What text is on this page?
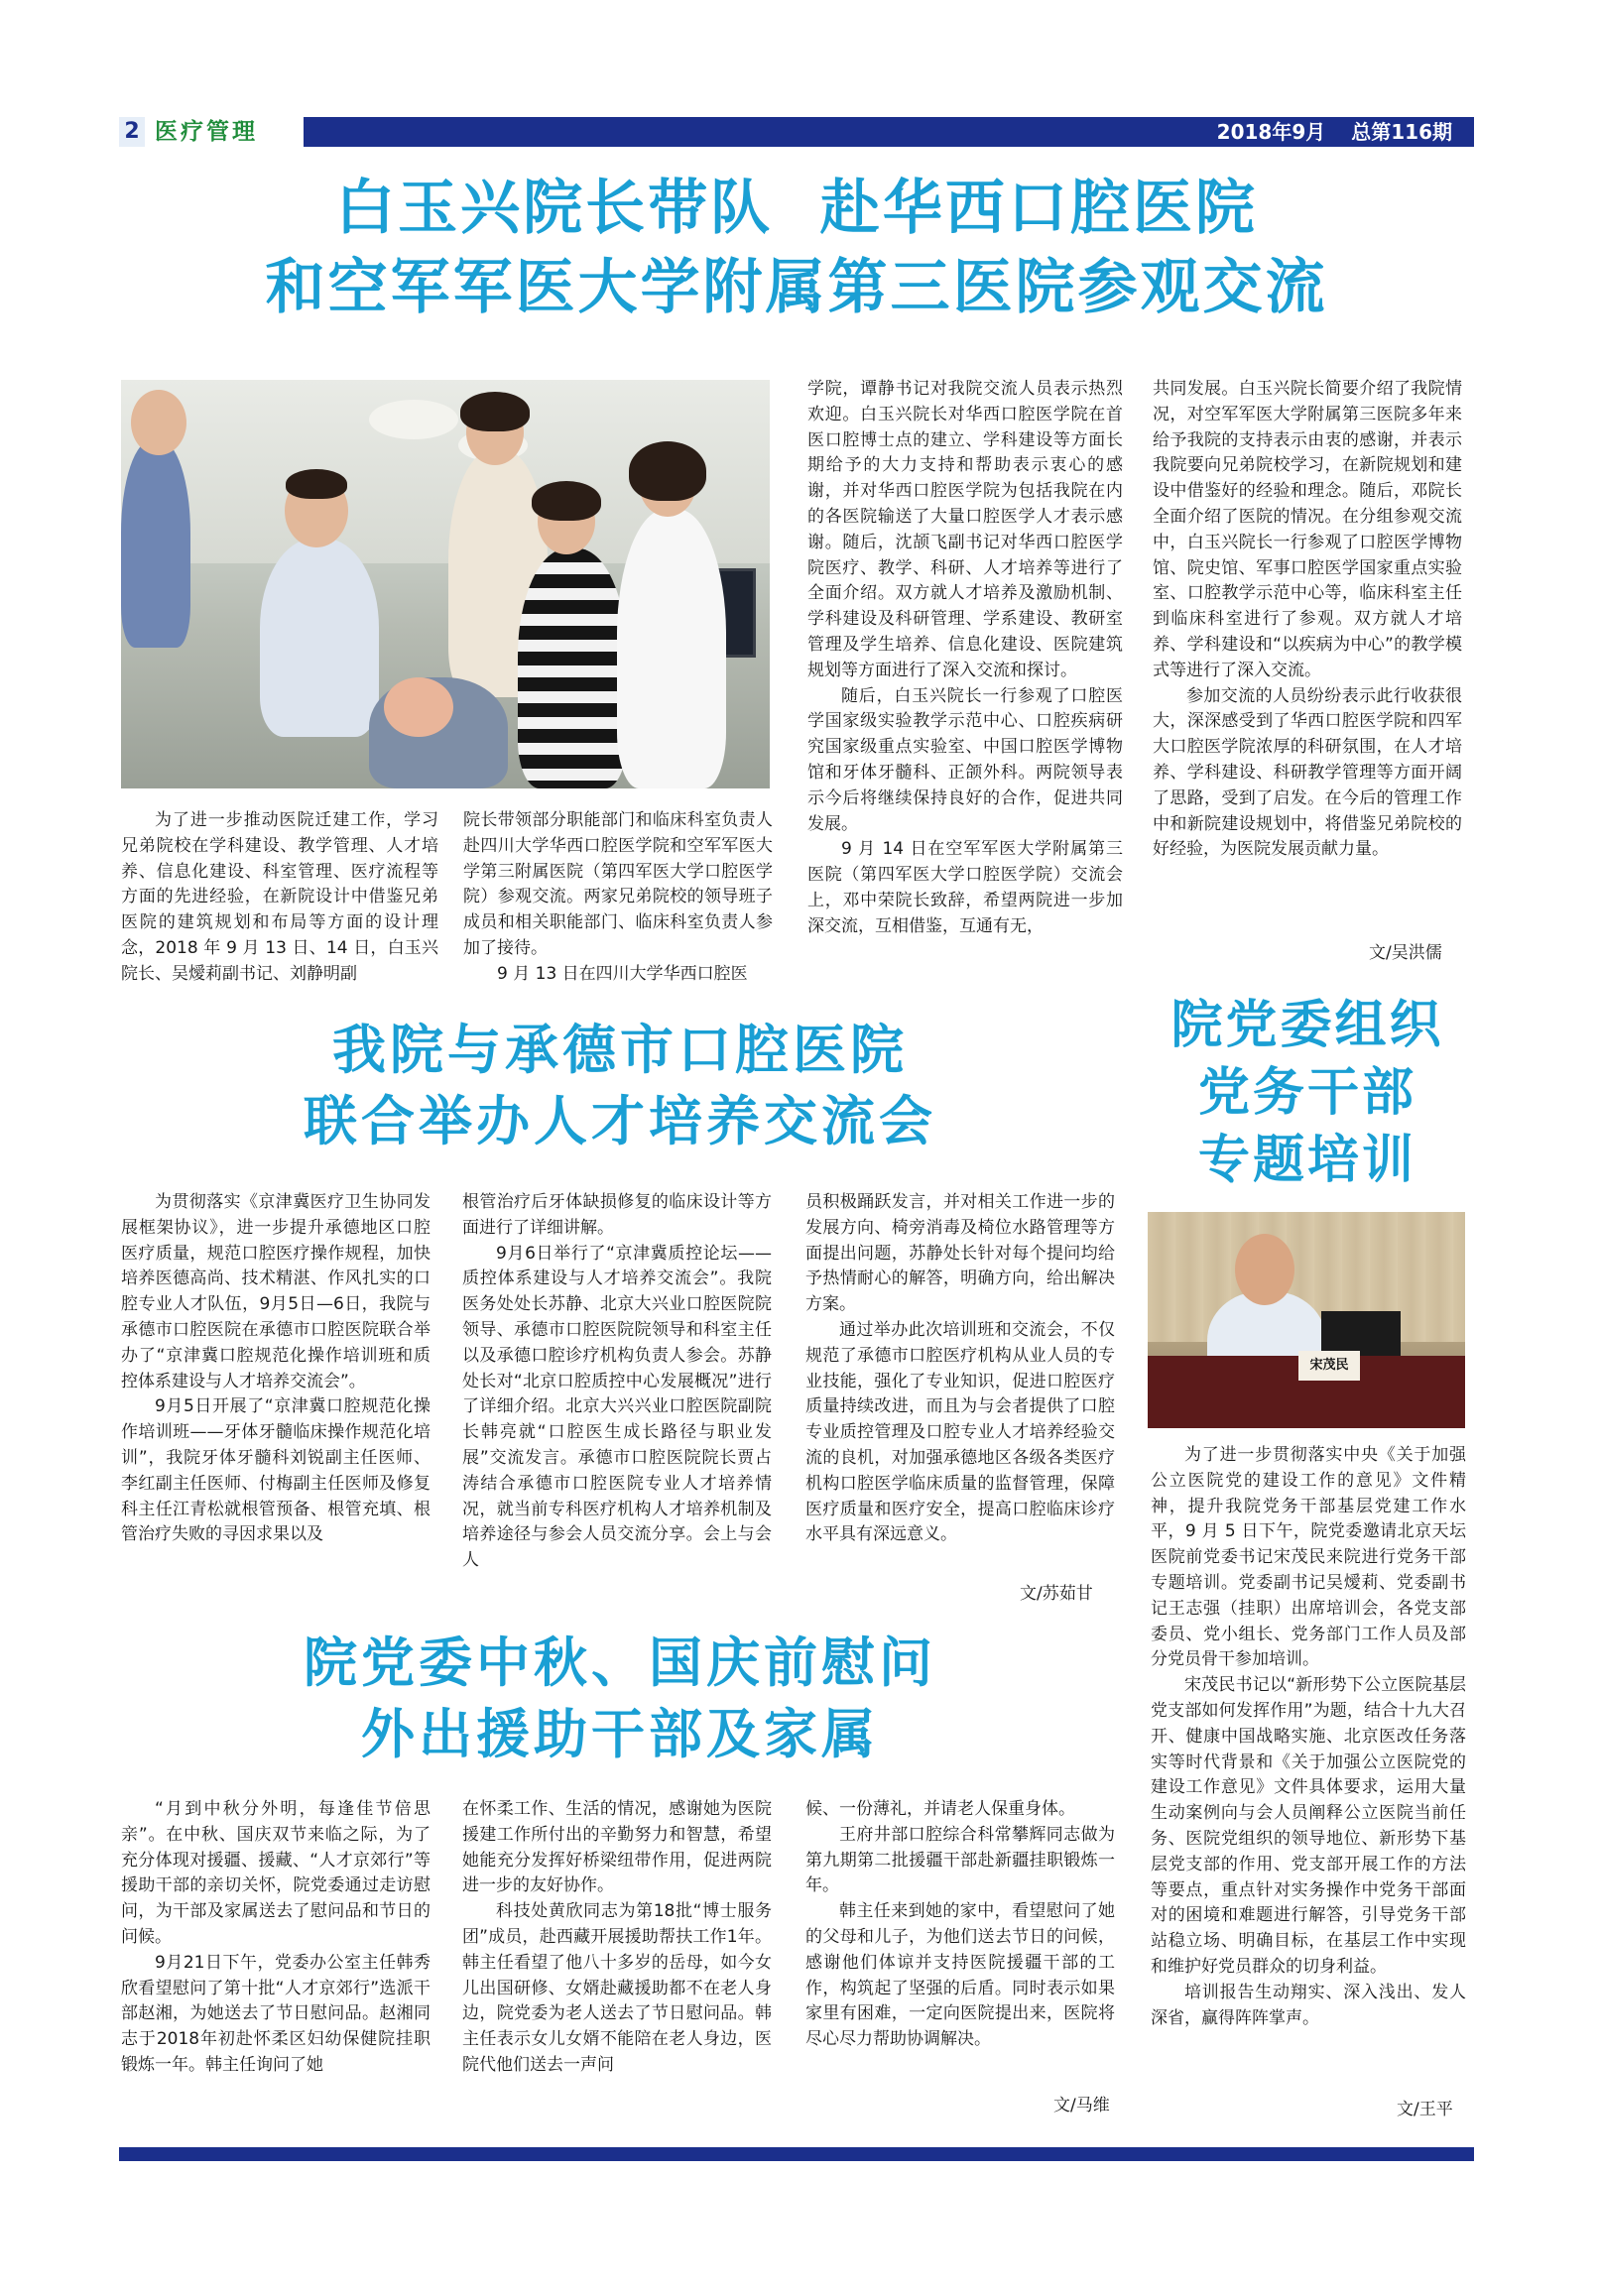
2 医疗管理	2018年9月 总第116期
白玉兴院长带队  赴华西口腔医院
和空军军医大学附属第三医院参观交流

为了进一步推动医院迁建工作，学习兄弟院校在学科建设、教学管理、人才培养、信息化建设、科室管理、医疗流程等方面的先进经验，在新院设计中借鉴兄弟医院的建筑规划和布局等方面的设计理念，2018 年 9 月 13 日、14 日，白玉兴院长、吴燰莉副书记、刘静明副

院长带领部分职能部门和临床科室负责人赴四川大学华西口腔医学院和空军军医大学第三附属医院（第四军医大学口腔医学院）参观交流。两家兄弟院校的领导班子成员和相关职能部门、临床科室负责人参加了接待。

9 月 13 日在四川大学华西口腔医

学院，谭静书记对我院交流人员表示热烈欢迎。白玉兴院长对华西口腔医学院在首医口腔博士点的建立、学科建设等方面长期给予的大力支持和帮助表示衷心的感谢，并对华西口腔医学院为包括我院在内的各医院输送了大量口腔医学人才表示感谢。随后，沈颉飞副书记对华西口腔医学院医疗、教学、科研、人才培养等进行了全面介绍。双方就人才培养及激励机制、学科建设及科研管理、学系建设、教研室管理及学生培养、信息化建设、医院建筑规划等方面进行了深入交流和探讨。

随后，白玉兴院长一行参观了口腔医学国家级实验教学示范中心、口腔疾病研究国家级重点实验室、中国口腔医学博物馆和牙体牙髓科、正颌外科。两院领导表示今后将继续保持良好的合作，促进共同发展。

9 月 14 日在空军军医大学附属第三医院（第四军医大学口腔医学院）交流会上，邓中荣院长致辞，希望两院进一步加深交流，互相借鉴，互通有无，

共同发展。白玉兴院长简要介绍了我院情况，对空军军医大学附属第三医院多年来给予我院的支持表示由衷的感谢，并表示我院要向兄弟院校学习，在新院规划和建设中借鉴好的经验和理念。随后，邓院长全面介绍了医院的情况。在分组参观交流中，白玉兴院长一行参观了口腔医学博物馆、院史馆、军事口腔医学国家重点实验室、口腔教学示范中心等，临床科室主任到临床科室进行了参观。双方就人才培养、学科建设和“以疾病为中心”的教学模式等进行了深入交流。

参加交流的人员纷纷表示此行收获很大，深深感受到了华西口腔医学院和四军大口腔医学院浓厚的科研氛围，在人才培养、学科建设、科研教学管理等方面开阔了思路，受到了启发。在今后的管理工作中和新院建设规划中，将借鉴兄弟院校的好经验，为医院发展贡献力量。

文/吴洪儒
我院与承德市口腔医院
联合举办人才培养交流会

为贯彻落实《京津冀医疗卫生协同发展框架协议》，进一步提升承德地区口腔医疗质量，规范口腔医疗操作规程，加快培养医德高尚、技术精湛、作风扎实的口腔专业人才队伍，9月5日—6日，我院与承德市口腔医院在承德市口腔医院联合举办了“京津冀口腔规范化操作培训班和质控体系建设与人才培养交流会”。

9月5日开展了“京津冀口腔规范化操作培训班——牙体牙髓临床操作规范化培训”，我院牙体牙髓科刘锐副主任医师、李红副主任医师、付梅副主任医师及修复科主任江青松就根管预备、根管充填、根管治疗失败的寻因求果以及

根管治疗后牙体缺损修复的临床设计等方面进行了详细讲解。

9月6日举行了“京津冀质控论坛——质控体系建设与人才培养交流会”。我院医务处处长苏静、北京大兴业口腔医院院领导、承德市口腔医院院领导和科室主任以及承德口腔诊疗机构负责人参会。苏静处长对“北京口腔质控中心发展概况”进行了详细介绍。北京大兴兴业口腔医院副院长韩亮就“口腔医生成长路径与职业发展”交流发言。承德市口腔医院院长贾占涛结合承德市口腔医院专业人才培养情况，就当前专科医疗机构人才培养机制及培养途径与参会人员交流分享。会上与会人

员积极踊跃发言，并对相关工作进一步的发展方向、椅旁消毒及椅位水路管理等方面提出问题，苏静处长针对每个提问均给予热情耐心的解答，明确方向，给出解决方案。

通过举办此次培训班和交流会，不仅规范了承德市口腔医疗机构从业人员的专业技能，强化了专业知识，促进口腔医疗质量持续改进，而且为与会者提供了口腔专业质控管理及口腔专业人才培养经验交流的良机，对加强承德地区各级各类医疗机构口腔医学临床质量的监督管理，保障医疗质量和医疗安全，提高口腔临床诊疗水平具有深远意义。

文/苏茹甘
院党委中秋、国庆前慰问
外出援助干部及家属

“月到中秋分外明，每逢佳节倍思亲”。在中秋、国庆双节来临之际，为了充分体现对援疆、援藏、“人才京郊行”等援助干部的亲切关怀，院党委通过走访慰问，为干部及家属送去了慰问品和节日的问候。

9月21日下午，党委办公室主任韩秀欣看望慰问了第十批“人才京郊行”选派干部赵湘，为她送去了节日慰问品。赵湘同志于2018年初赴怀柔区妇幼保健院挂职锻炼一年。韩主任询问了她

在怀柔工作、生活的情况，感谢她为医院援建工作所付出的辛勤努力和智慧，希望她能充分发挥好桥梁纽带作用，促进两院进一步的友好协作。

科技处黄欣同志为第18批“博士服务团”成员，赴西藏开展援助帮扶工作1年。韩主任看望了他八十多岁的岳母，如今女儿出国研修、女婿赴藏援助都不在老人身边，院党委为老人送去了节日慰问品。韩主任表示女儿女婿不能陪在老人身边，医院代他们送去一声问

候、一份薄礼，并请老人保重身体。

王府井部口腔综合科常攀辉同志做为第九期第二批援疆干部赴新疆挂职锻炼一年。

韩主任来到她的家中，看望慰问了她的父母和儿子，为他们送去节日的问候，感谢他们体谅并支持医院援疆干部的工作，构筑起了坚强的后盾。同时表示如果家里有困难，一定向医院提出来，医院将尽心尽力帮助协调解决。

文/马维
院党委组织
党务干部
专题培训
宋茂民

为了进一步贯彻落实中央《关于加强公立医院党的建设工作的意见》文件精神，提升我院党务干部基层党建工作水平，9 月 5 日下午，院党委邀请北京天坛医院前党委书记宋茂民来院进行党务干部专题培训。党委副书记吴燰莉、党委副书记王志强（挂职）出席培训会，各党支部委员、党小组长、党务部门工作人员及部分党员骨干参加培训。

宋茂民书记以“新形势下公立医院基层党支部如何发挥作用”为题，结合十九大召开、健康中国战略实施、北京医改任务落实等时代背景和《关于加强公立医院党的建设工作意见》文件具体要求，运用大量生动案例向与会人员阐释公立医院当前任务、医院党组织的领导地位、新形势下基层党支部的作用、党支部开展工作的方法等要点，重点针对实务操作中党务干部面对的困境和难题进行解答，引导党务干部站稳立场、明确目标，在基层工作中实现和维护好党员群众的切身利益。

培训报告生动翔实、深入浅出、发人深省，赢得阵阵掌声。

文/王平
